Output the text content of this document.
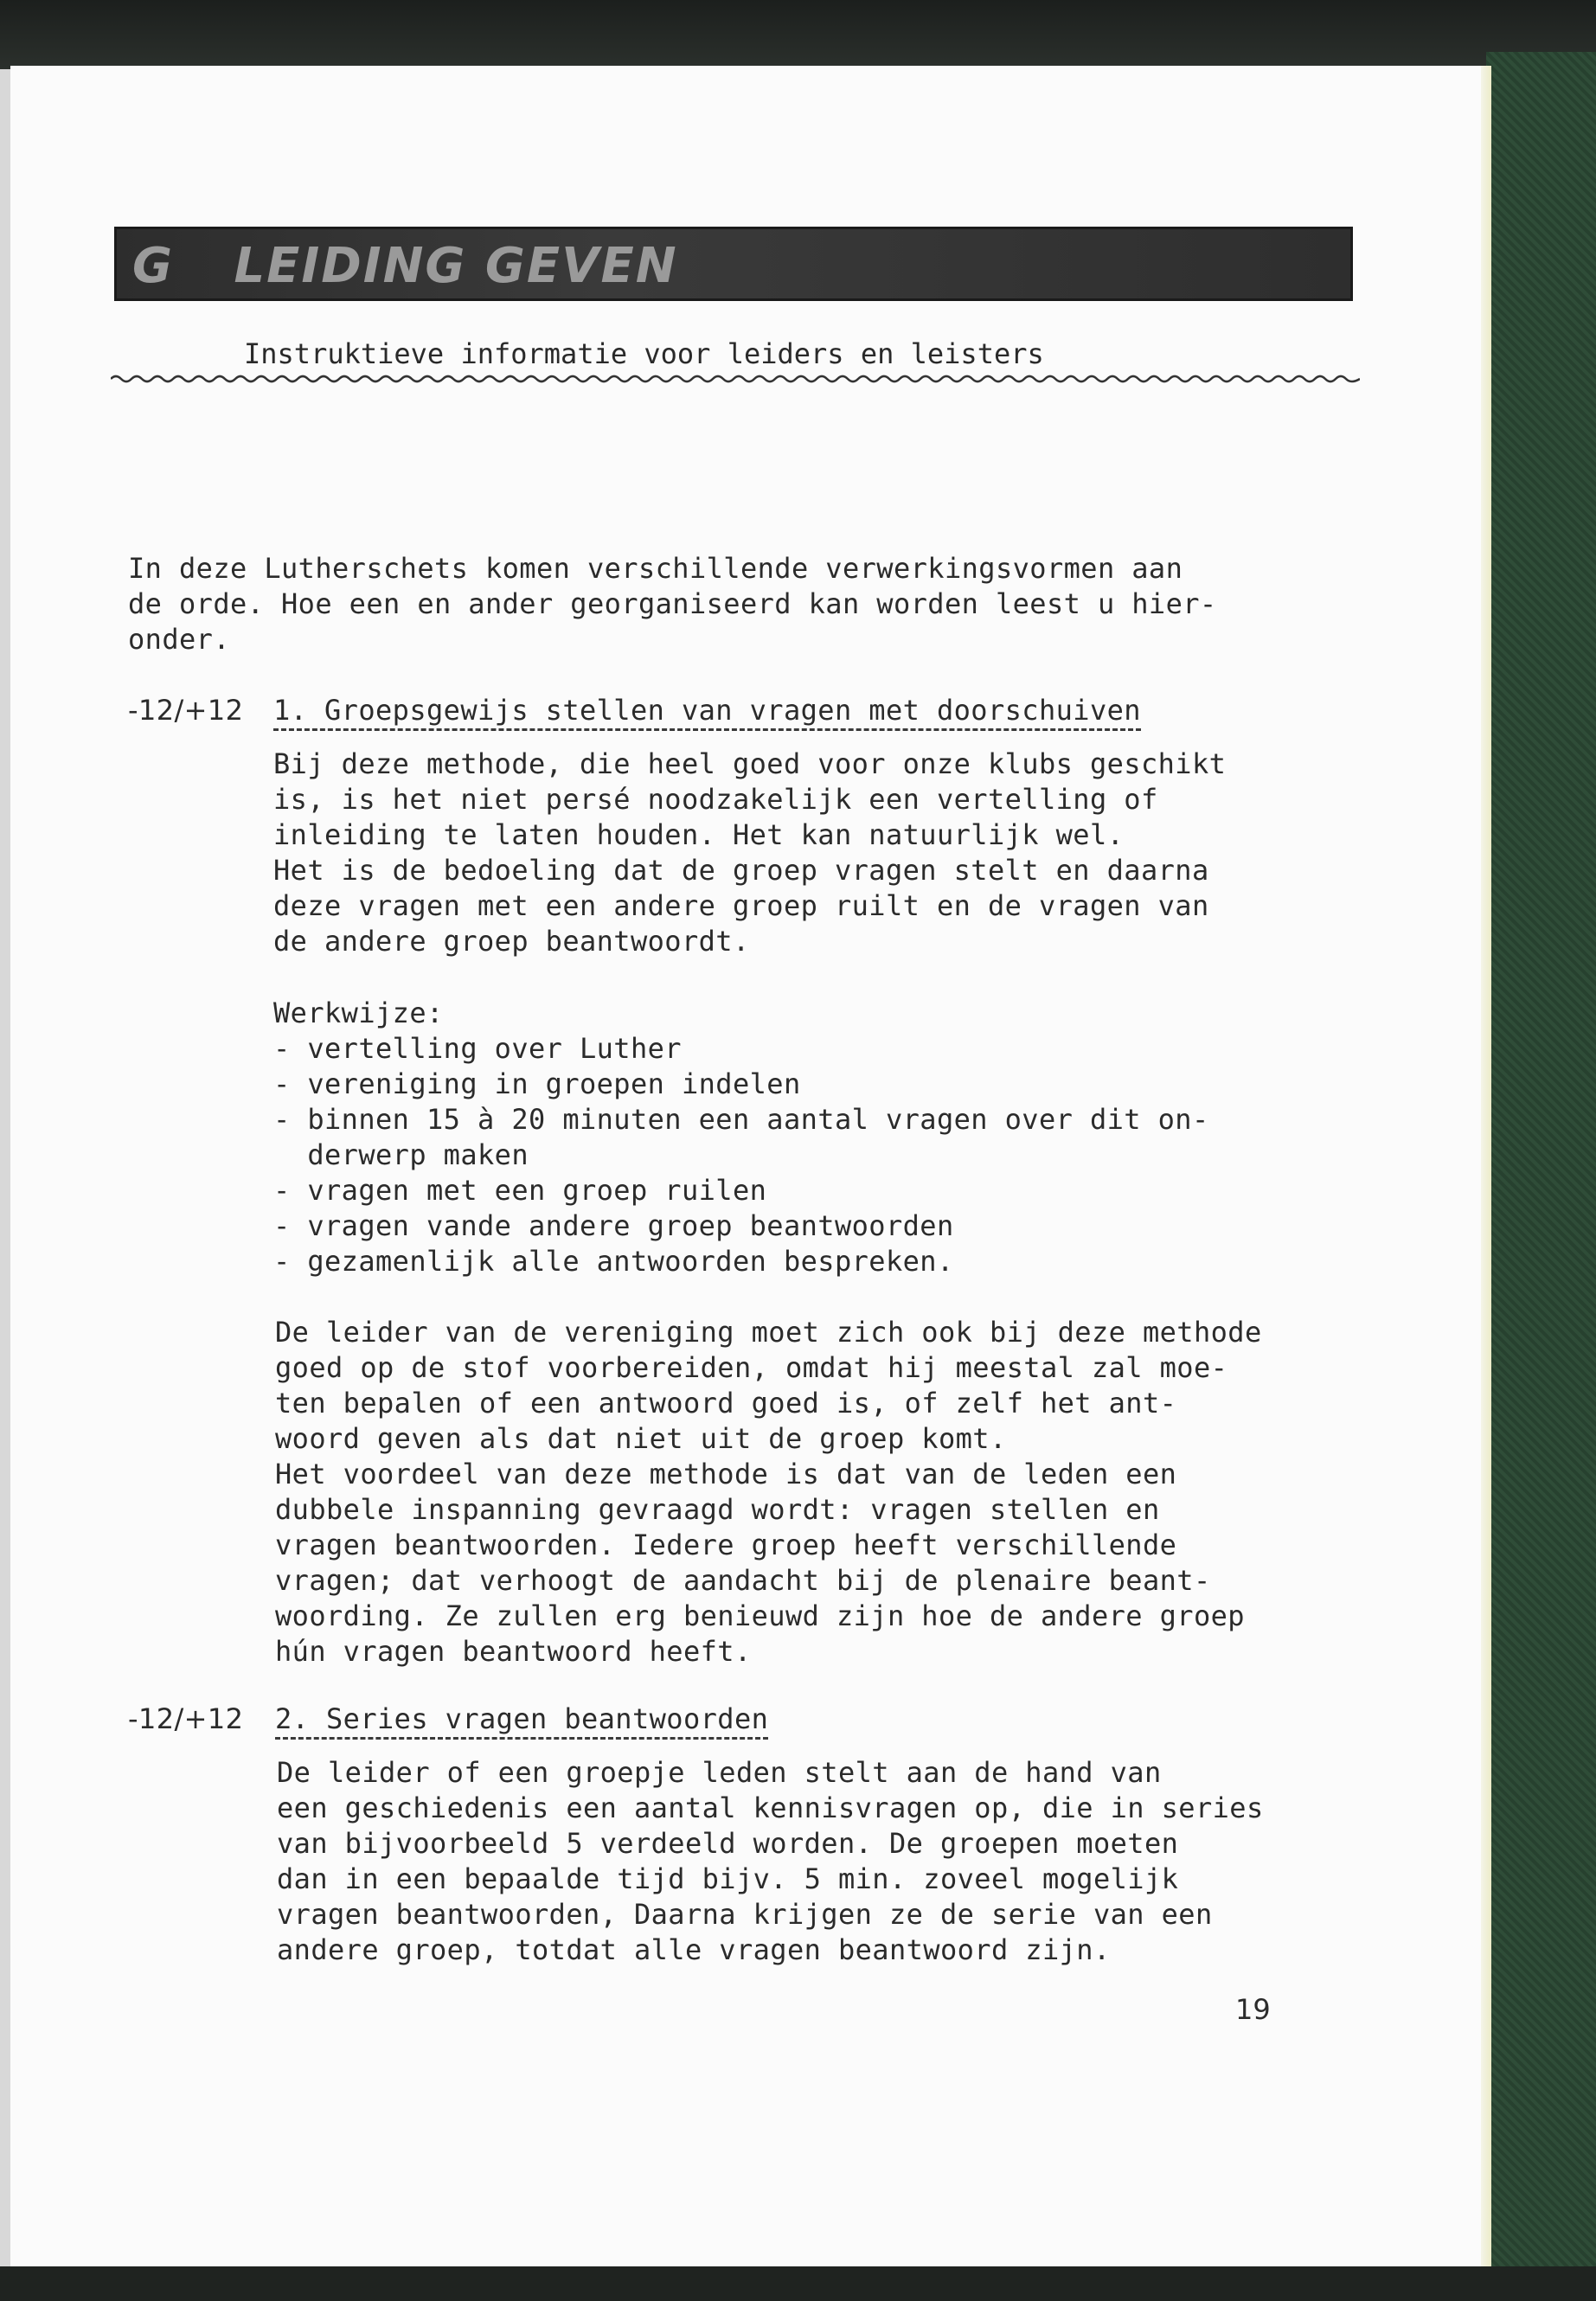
G LEIDING GEVEN
Instruktieve informatie voor leiders en leisters
In deze Lutherschets komen verschillende verwerkingsvormen aan
de orde. Hoe een en ander georganiseerd kan worden leest u hier-
onder.
-12/+12 1. Groepsgewijs stellen van vragen met doorschuiven
Bij deze methode, die heel goed voor onze klubs geschikt
is, is het niet persé noodzakelijk een vertelling of
inleiding te laten houden. Het kan natuurlijk wel.
Het is de bedoeling dat de groep vragen stelt en daarna
deze vragen met een andere groep ruilt en de vragen van
de andere groep beantwoordt.
Werkwijze:
- vertelling over Luther
- vereniging in groepen indelen
- binnen 15 à 20 minuten een aantal vragen over dit on-
derwerp maken
- vragen met een groep ruilen
- vragen vande andere groep beantwoorden
- gezamenlijk alle antwoorden bespreken.
De leider van de vereniging moet zich ook bij deze methode
goed op de stof voorbereiden, omdat hij meestal zal moe-
ten bepalen of een antwoord goed is, of zelf het ant-
woord geven als dat niet uit de groep komt.
Het voordeel van deze methode is dat van de leden een
dubbele inspanning gevraagd wordt: vragen stellen en
vragen beantwoorden. Iedere groep heeft verschillende
vragen; dat verhoogt de aandacht bij de plenaire beant-
woording. Ze zullen erg benieuwd zijn hoe de andere groep
hún vragen beantwoord heeft.
-12/+12 2. Series vragen beantwoorden
De leider of een groepje leden stelt aan de hand van
een geschiedenis een aantal kennisvragen op, die in series
van bijvoorbeeld 5 verdeeld worden. De groepen moeten
dan in een bepaalde tijd bijv. 5 min. zoveel mogelijk
vragen beantwoorden, Daarna krijgen ze de serie van een
andere groep, totdat alle vragen beantwoord zijn.
19
